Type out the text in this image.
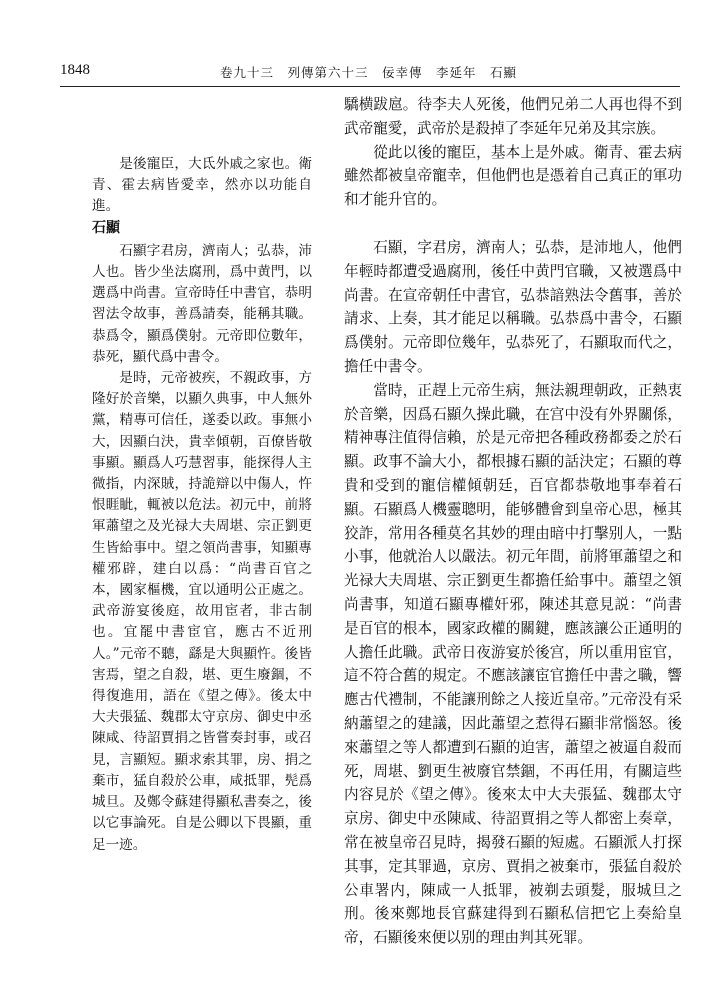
1848	卷九十三　列傳第六十三　佞幸傳　李延年　石顯

是後寵臣，大氐外戚之家也。衛青、霍去病皆愛幸，然亦以功能自進。

石顯

石顯字君房，濟南人；弘恭，沛人也。皆少坐法腐刑，爲中黄門，以選爲中尚書。宣帝時任中書官，恭明習法令故事，善爲請奏，能稱其職。恭爲令，顯爲僕射。元帝即位數年，恭死，顯代爲中書令。

是時，元帝被疾，不親政事，方隆好於音樂，以顯久典事，中人無外黨，精專可信任，遂委以政。事無小大，因顯白決，貴幸傾朝，百僚皆敬事顯。顯爲人巧慧習事，能探得人主微指，内深賊，持詭辯以中傷人，忤恨睚眦，輒被以危法。初元中，前將軍蕭望之及光禄大夫周堪、宗正劉更生皆給事中。望之領尚書事，知顯專權邪辟，建白以爲：“尚書百官之本，國家樞機，宜以通明公正處之。武帝游宴後庭，故用宦者，非古制也。宜罷中書宦官，應古不近刑人。”元帝不聽，繇是大與顯忤。後皆害焉，望之自殺，堪、更生廢錮，不得復進用，語在《望之傳》。後太中大夫張猛、魏郡太守京房、御史中丞陳咸、待詔賈捐之皆嘗奏封事，或召見，言顯短。顯求索其罪，房、捐之棄市，猛自殺於公車，咸抵罪，髡爲城旦。及鄭令蘇建得顯私書奏之，後以它事論死。自是公卿以下畏顯，重足一迹。

驕横跋扈。待李夫人死後，他們兄弟二人再也得不到武帝寵愛，武帝於是殺掉了李延年兄弟及其宗族。

從此以後的寵臣，基本上是外戚。衛青、霍去病雖然都被皇帝寵幸，但他們也是憑着自己真正的軍功和才能升官的。

石顯，字君房，濟南人；弘恭，是沛地人，他們年輕時都遭受過腐刑，後任中黄門官職，又被選爲中尚書。在宣帝朝任中書官，弘恭諳熟法令舊事，善於請求、上奏，其才能足以稱職。弘恭爲中書令，石顯爲僕射。元帝即位幾年，弘恭死了，石顯取而代之，擔任中書令。

當時，正趕上元帝生病，無法親理朝政，正熱衷於音樂，因爲石顯久操此職，在宫中没有外界關係，精神專注值得信賴，於是元帝把各種政務都委之於石顯。政事不論大小，都根據石顯的話決定；石顯的尊貴和受到的寵信權傾朝廷，百官都恭敬地事奉着石顯。石顯爲人機靈聰明，能够體會到皇帝心思，極其狡詐，常用各種莫名其妙的理由暗中打擊别人，一點小事，他就治人以嚴法。初元年間，前將軍蕭望之和光禄大夫周堪、宗正劉更生都擔任給事中。蕭望之領尚書事，知道石顯專權奸邪，陳述其意見説：“尚書是百官的根本，國家政權的關鍵，應該讓公正通明的人擔任此職。武帝日夜游宴於後宫，所以重用宦官，這不符合舊的規定。不應該讓宦官擔任中書之職，響應古代禮制，不能讓刑餘之人接近皇帝。”元帝没有采納蕭望之的建議，因此蕭望之惹得石顯非常惱怒。後來蕭望之等人都遭到石顯的迫害，蕭望之被逼自殺而死，周堪、劉更生被廢官禁錮，不再任用，有關這些内容見於《望之傳》。後來太中大夫張猛、魏郡太守京房、御史中丞陳咸、待詔賈捐之等人都密上奏章，常在被皇帝召見時，揭發石顯的短處。石顯派人打探其事，定其罪過，京房、賈捐之被棄市，張猛自殺於公車署内，陳咸一人抵罪，被剃去頭髮，服城旦之刑。後來鄭地長官蘇建得到石顯私信把它上奏給皇帝，石顯後來便以别的理由判其死罪。
